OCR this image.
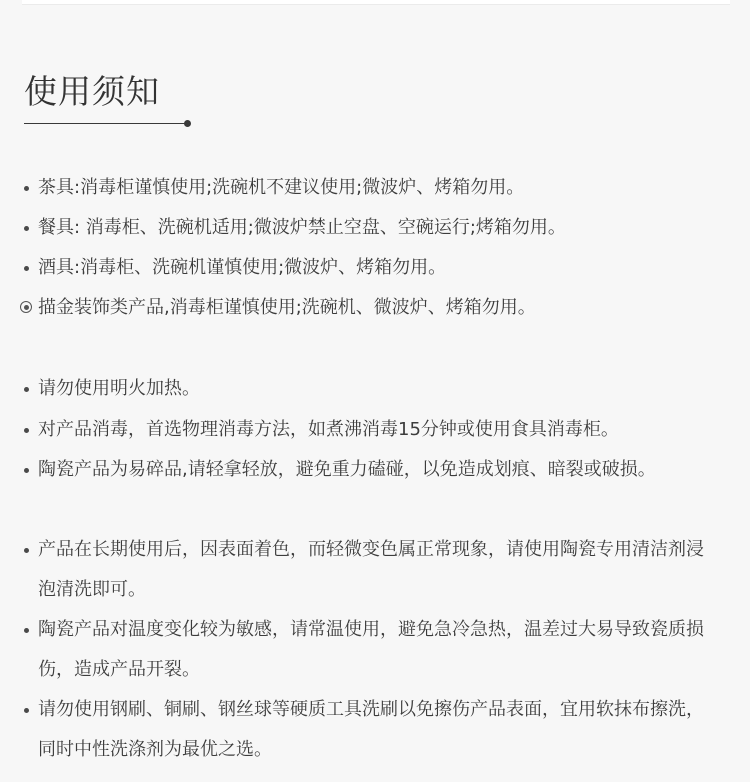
使用须知
茶具:消毒柜谨慎使用;洗碗机不建议使用;微波炉、烤箱勿用。
餐具: 消毒柜、洗碗机适用;微波炉禁止空盘、空碗运行;烤箱勿用。
酒具:消毒柜、洗碗机谨慎使用;微波炉、烤箱勿用。
描金装饰类产品,消毒柜谨慎使用;洗碗机、微波炉、烤箱勿用。
请勿使用明火加热。
对产品消毒，首选物理消毒方法，如煮沸消毒15分钟或使用食具消毒柜。
陶瓷产品为易碎品,请轻拿轻放，避免重力磕碰，以免造成划痕、暗裂或破损。
产品在长期使用后，因表面着色，而轻微变色属正常现象，请使用陶瓷专用清洁剂浸泡清洗即可。
陶瓷产品对温度变化较为敏感，请常温使用，避免急冷急热，温差过大易导致瓷质损伤，造成产品开裂。
请勿使用钢刷、铜刷、钢丝球等硬质工具洗刷以免擦伤产品表面，宜用软抹布擦洗，同时中性洗涤剂为最优之选。
